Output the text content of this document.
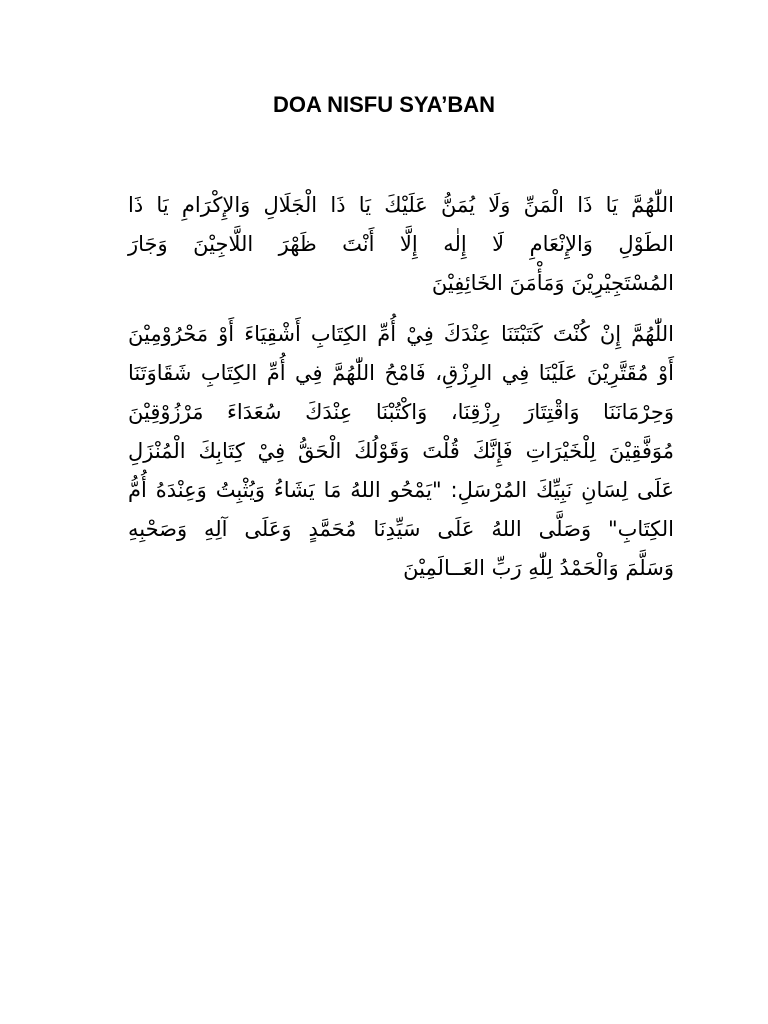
DOA NISFU SYA’BAN
اللّٰهُمَّ يَا ذَا الْمَنِّ وَلَا يُمَنُّ عَلَيْكَ يَا ذَا الْجَلَالِ وَالإِكْرَامِ يَا ذَا
الطَوْلِ وَالإِنْعَامِ لَا إِلٰه إِلَّا أَنْتَ ظَهْرَ اللَّاجِيْنَ وَجَارَ
المُسْتَجِيْرِيْنَ وَمَأْمَنَ الخَائِفِيْنَ
اللّٰهُمَّ إِنْ كُنْتَ كَتَبْتَنَا عِنْدَكَ فِيْ أُمِّ الكِتَابِ أَشْقِيَاءَ أَوْ مَحْرُوْمِيْنَ
أَوْ مُقَتَّرِيْنَ عَلَيْنَا فِي الرِزْقِ، فَامْحُ اللّٰهُمَّ فِي أُمِّ الكِتَابِ شَقَاوَتَنَا
وَحِرْمَانَنَا وَاقْتِتَارَ رِزْقِنَا، وَاكْتُبْنَا عِنْدَكَ سُعَدَاءَ مَرْزُوْقِيْنَ
مُوَفَّقِيْنَ لِلْخَيْرَاتِ فَإِنَّكَ قُلْتَ وَقَوْلُكَ الْحَقُّ فِيْ كِتَابِكَ الْمُنْزَلِ
عَلَى لِسَانِ نَبِيِّكَ المُرْسَلِ: "يَمْحُو اللهُ مَا يَشَاءُ وَيُثْبِتُ وَعِنْدَهُ أُمُّ
الكِتَابِ" وَصَلَّى اللهُ عَلَى سَيِّدِنَا مُحَمَّدٍ وَعَلَى آلِهِ وَصَحْبِهِ
وَسَلَّمَ وَالْحَمْدُ لِلّٰهِ رَبِّ العَــالَمِيْنَ
